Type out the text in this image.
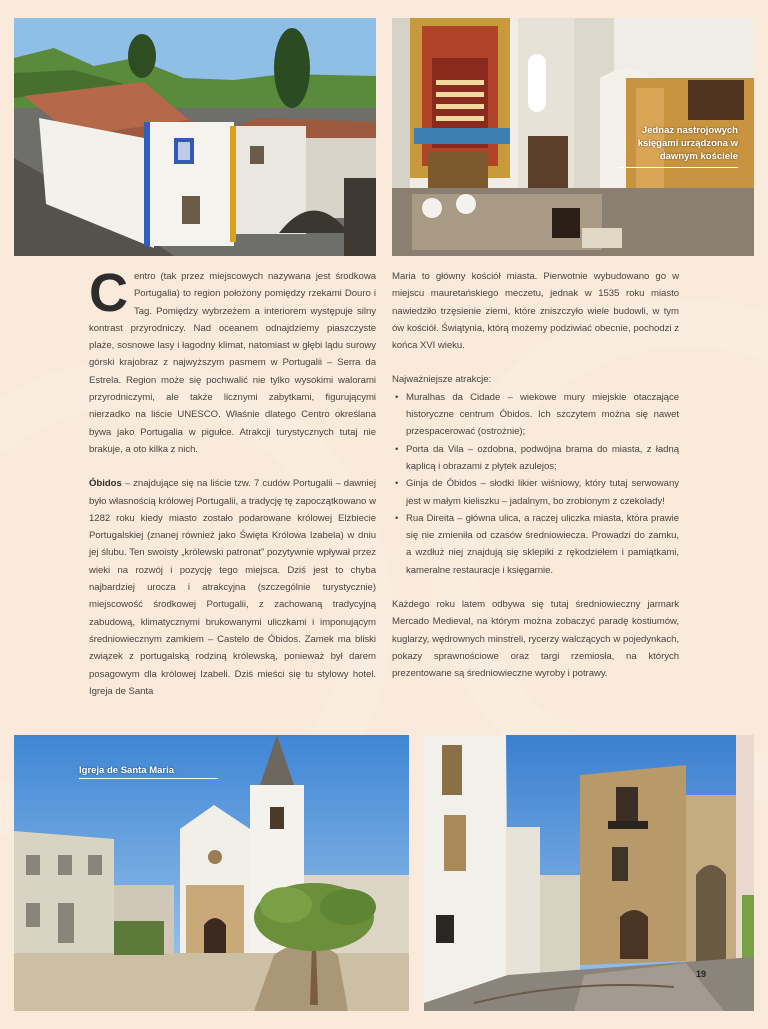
Jednaz nastrojowych księgami urządzona w dawnym kościele

Centro (tak przez miejscowych nazywana jest środkowa Portugalia) to region położony pomiędzy rzekami Douro i Tag. Pomiędzy wybrzeżem a interiorem występuje silny kontrast przyrodniczy. Nad oceanem odnajdziemy piaszczyste plaże, sosnowe lasy i łagodny klimat, natomiast w głębi lądu surowy górski krajobraz z najwyższym pasmem w Portugalii – Serra da Estrela. Region może się pochwalić nie tylko wysokimi walorami przyrodniczymi, ale także licznymi zabytkami, figurującymi nierzadko na liście UNESCO. Właśnie dlatego Centro określana bywa jako Portugalia w pigułce. Atrakcji turystycznych tutaj nie brakuje, a oto kilka z nich.

Óbidos – znajdujące się na liście tzw. 7 cudów Portugalii – dawniej było własnością królowej Portugalii, a tradycję tę zapoczątkowano w 1282 roku kiedy miasto zostało podarowane królowej Elżbiecie Portugalskiej (znanej również jako Święta Królowa Izabela) w dniu jej ślubu. Ten swoisty „królewski patronat” pozytywnie wpływał przez wieki na rozwój i pozycję tego miejsca. Dziś jest to chyba najbardziej urocza i atrakcyjna (szczególnie turystycznie) miejscowość środkowej Portugalii, z zachowaną tradycyjną zabudową, klimatycznymi brukowanymi uliczkami i imponującym średniowiecznym zamkiem – Castelo de Óbidos. Zamek ma bliski związek z portugalską rodziną królewską, ponieważ był darem posagowym dla królowej Izabeli. Dziś mieści się tu stylowy hotel. Igreja de Santa

Maria to główny kościół miasta. Pierwotnie wybudowano go w miejscu mauretańskiego meczetu, jednak w 1535 roku miasto nawiedziło trzęsienie ziemi, które zniszczyło wiele budowli, w tym ów kościół. Świątynia, którą możemy podziwiać obecnie, pochodzi z końca XVI wieku.

Najważniejsze atrakcje:

• Muralhas da Cidade – wiekowe mury miejskie otaczające historyczne centrum Óbidos. Ich szczytem można się nawet przespacerować (ostrożnie);
• Porta da Vila – ozdobna, podwójna brama do miasta, z ładną kaplicą i obrazami z płytek azulejos;
• Ginja de Óbidos – słodki likier wiśniowy, który tutaj serwowany jest w małym kieliszku – jadalnym, bo zrobionym z czekolady!
• Rua Direita – główna ulica, a raczej uliczka miasta, która prawie się nie zmieniła od czasów średniowiecza. Prowadzi do zamku, a wzdłuż niej znajdują się sklepiki z rękodziełem i pamiątkami, kameralne restauracje i księgarnie.

Każdego roku latem odbywa się tutaj średniowieczny jarmark Mercado Medieval, na którym można zobaczyć paradę kostiumów, kuglarzy, wędrownych minstreli, rycerzy walczących w pojedynkach, pokazy sprawnościowe oraz targi rzemiosła, na których prezentowane są średniowieczne wyroby i potrawy.

Igreja de Santa Maria
19
